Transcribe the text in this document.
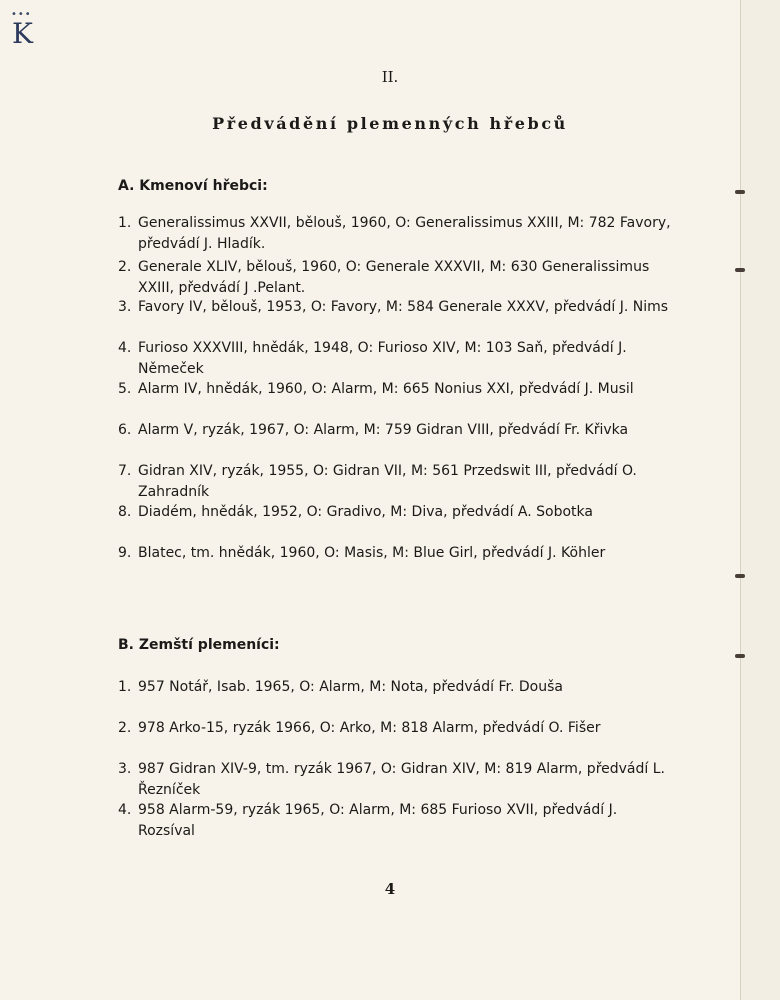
•••
K
II.
Předvádění plemenných hřebců
A. Kmenoví hřebci:
1. Generalissimus XXVII, bělouš, 1960, O: Generalissimus XXIII, M: 782 Favory, předvádí J. Hladík.
2. Generale XLIV, bělouš, 1960, O: Generale XXXVII, M: 630 Generalissimus XXIII, předvádí J .Pelant.
3. Favory IV, bělouš, 1953, O: Favory, M: 584 Generale XXXV, předvádí J. Nims
4. Furioso XXXVIII, hnědák, 1948, O: Furioso XIV, M: 103 Saň, předvádí J. Němeček
5. Alarm IV, hnědák, 1960, O: Alarm, M: 665 Nonius XXI, předvádí J. Musil
6. Alarm V, ryzák, 1967, O: Alarm, M: 759 Gidran VIII, předvádí Fr. Křivka
7. Gidran XIV, ryzák, 1955, O: Gidran VII, M: 561 Przedswit III, předvádí O. Zahradník
8. Diadém, hnědák, 1952, O: Gradivo, M: Diva, předvádí A. Sobotka
9. Blatec, tm. hnědák, 1960, O: Masis, M: Blue Girl, předvádí J. Köhler
B. Zemští plemeníci:
1. 957 Notář, Isab. 1965, O: Alarm, M: Nota, předvádí Fr. Douša
2. 978 Arko-15, ryzák 1966, O: Arko, M: 818 Alarm, předvádí O. Fišer
3. 987 Gidran XIV-9, tm. ryzák 1967, O: Gidran XIV, M: 819 Alarm, předvádí L. Řezníček
4. 958 Alarm-59, ryzák 1965, O: Alarm, M: 685 Furioso XVII, předvádí J. Rozsíval
4
